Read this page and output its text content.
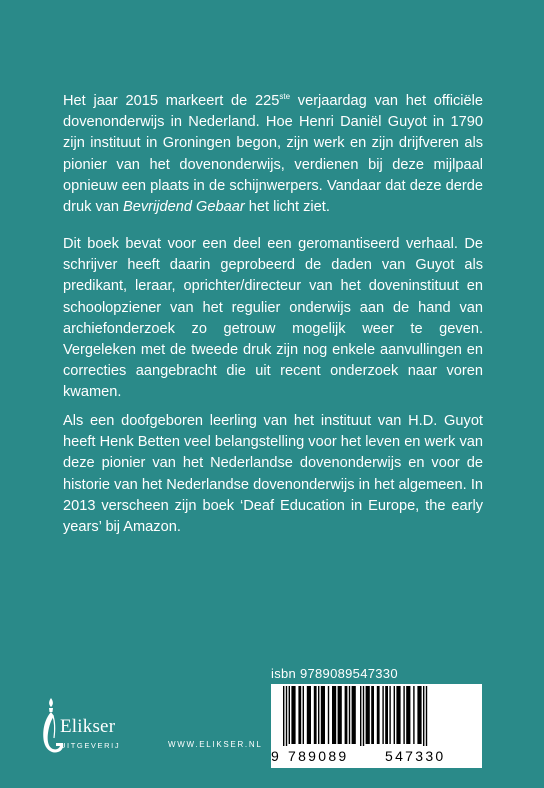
Het jaar 2015 markeert de 225ste verjaardag van het officiële dovenonderwijs in Nederland. Hoe Henri Daniël Guyot in 1790 zijn instituut in Groningen begon, zijn werk en zijn drijfveren als pionier van het dovenonderwijs, verdienen bij deze mijlpaal opnieuw een plaats in de schijnwerpers. Vandaar dat deze derde druk van Bevrijdend Gebaar het licht ziet.

Dit boek bevat voor een deel een geromantiseerd verhaal. De schrijver heeft daarin geprobeerd de daden van Guyot als predikant, leraar, oprichter/directeur van het doveninstituut en schoolopziener van het regulier onderwijs aan de hand van archiefonderzoek zo getrouw mogelijk weer te geven. Vergeleken met de tweede druk zijn nog enkele aanvullingen en correcties aangebracht die uit recent onderzoek naar voren kwamen.

Als een doofgeboren leerling van het instituut van H.D. Guyot heeft Henk Betten veel belangstelling voor het leven en werk van deze pionier van het Nederlandse dovenonderwijs en voor de historie van het Nederlandse dovenonderwijs in het algemeen. In 2013 verscheen zijn boek ‘Deaf Education in Europe, the early years’ bij Amazon.

Elikser
UITGEVERIJ	WWW.ELIKSER.NL
isbn 9789089547330
9 789089	547330
